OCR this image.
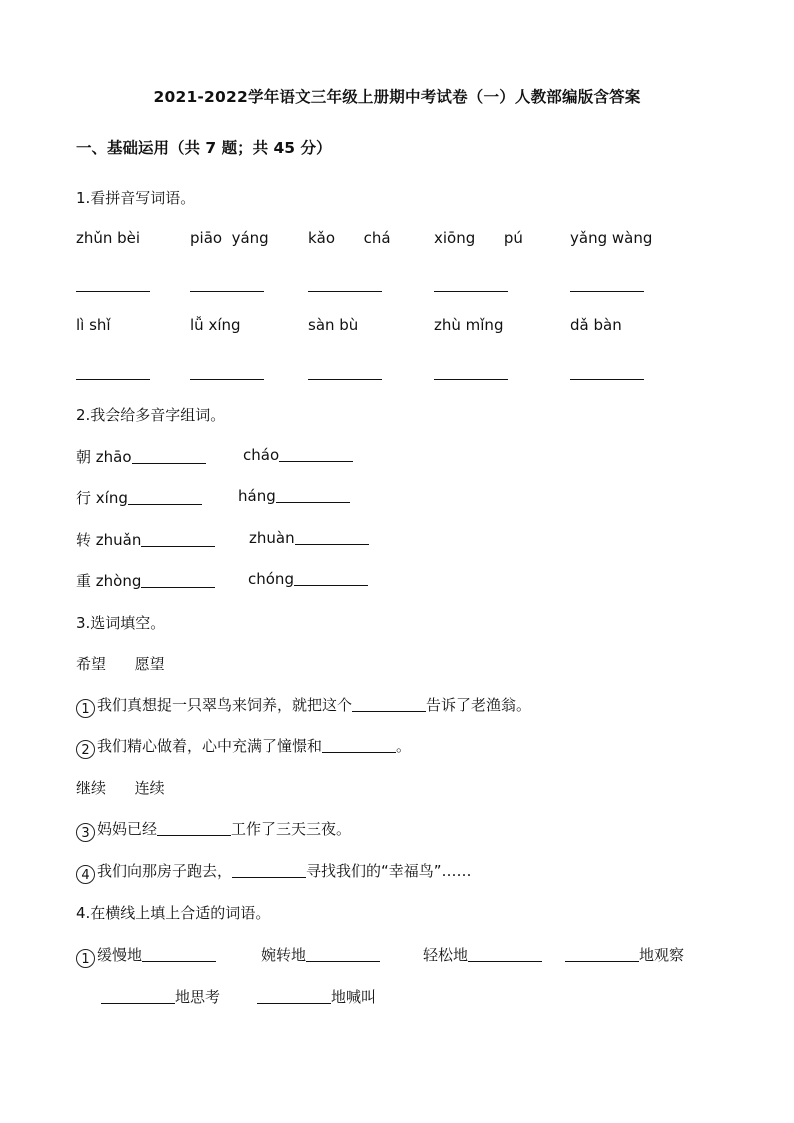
2021-2022学年语文三年级上册期中考试卷（一）人教部编版含答案
一、基础运用（共 7 题；共 45 分）
1.看拼音写词语。
zhǔn bèi	piāo  yáng	kǎo      chá	xiōng      pú	yǎng wàng
lì shǐ	lǚ xíng	sàn bù	zhù mǐng	dǎ bàn
2.我会给多音字组词。
朝 zhāo	cháo
行 xíng	háng
转 zhuǎn	zhuàn
重 zhòng	chóng
3.选词填空。
希望      愿望
1 我们真想捉一只翠鸟来饲养，就把这个	告诉了老渔翁。
2 我们精心做着，心中充满了憧憬和	。
继续      连续
3 妈妈已经	工作了三天三夜。
4 我们向那房子跑去，	寻找我们的“幸福鸟”……
4.在横线上填上合适的词语。
1 缓慢地	婉转地	轻松地	地观察
地思考	地喊叫
